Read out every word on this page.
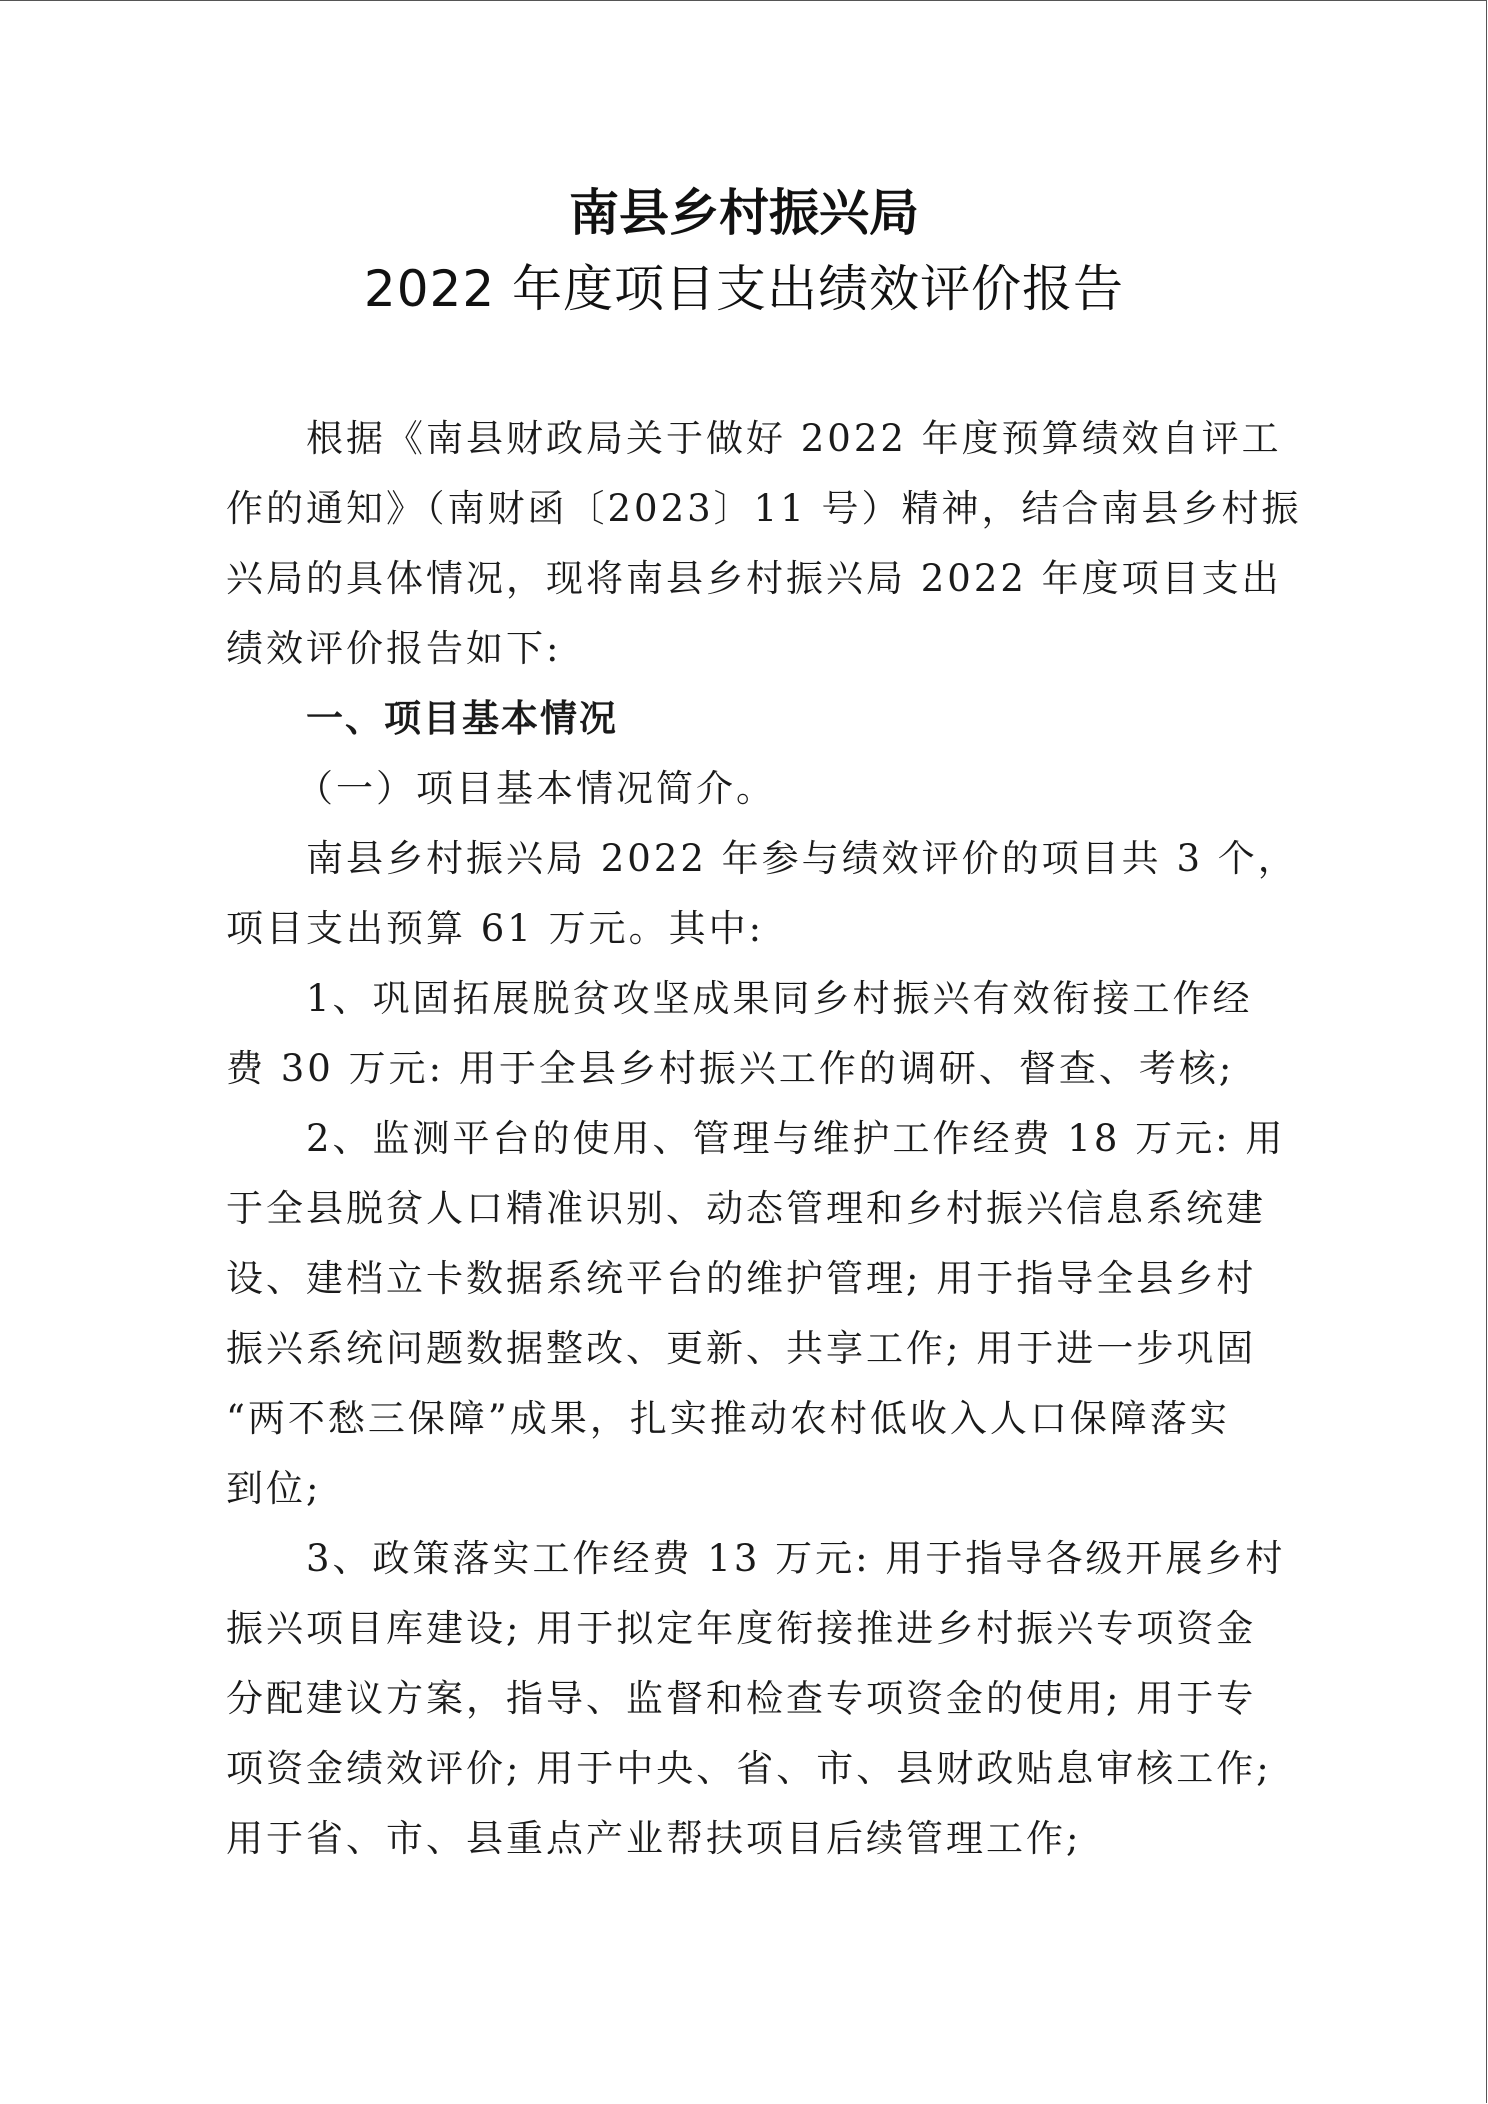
南县乡村振兴局
2022 年度项目支出绩效评价报告
根据《南县财政局关于做好 2022 年度预算绩效自评工
作的通知》（南财函〔2023〕11 号）精神，结合南县乡村振
兴局的具体情况，现将南县乡村振兴局 2022 年度项目支出
绩效评价报告如下:
一、项目基本情况
（一）项目基本情况简介。
南县乡村振兴局 2022 年参与绩效评价的项目共 3 个，
项目支出预算 61 万元。其中:
1、巩固拓展脱贫攻坚成果同乡村振兴有效衔接工作经
费 30 万元: 用于全县乡村振兴工作的调研、督查、考核;
2、监测平台的使用、管理与维护工作经费 18 万元: 用
于全县脱贫人口精准识别、动态管理和乡村振兴信息系统建
设、建档立卡数据系统平台的维护管理; 用于指导全县乡村
振兴系统问题数据整改、更新、共享工作; 用于进一步巩固
“两不愁三保障”成果，扎实推动农村低收入人口保障落实
到位;
3、政策落实工作经费 13 万元: 用于指导各级开展乡村
振兴项目库建设; 用于拟定年度衔接推进乡村振兴专项资金
分配建议方案，指导、监督和检查专项资金的使用; 用于专
项资金绩效评价; 用于中央、省、市、县财政贴息审核工作;
用于省、市、县重点产业帮扶项目后续管理工作;
